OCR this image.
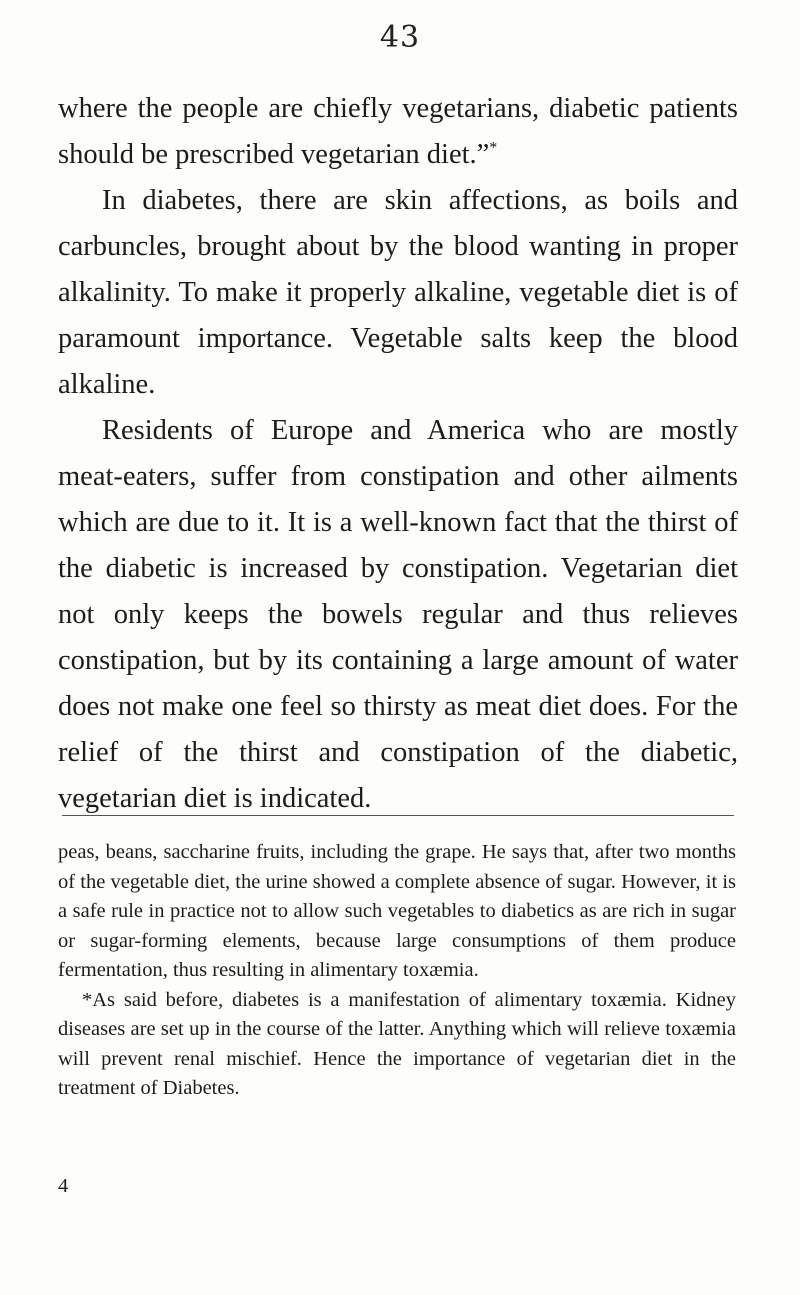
43

where the people are chiefly vegetarians, diabetic patients should be prescribed vegetarian diet.”*

In diabetes, there are skin affections, as boils and carbuncles, brought about by the blood wanting in proper alkalinity. To make it properly alkaline, vegetable diet is of paramount importance. Vegetable salts keep the blood alkaline.

Residents of Europe and America who are mostly meat-eaters, suffer from constipation and other ailments which are due to it. It is a well-known fact that the thirst of the diabetic is increased by constipation. Vegetarian diet not only keeps the bowels regular and thus relieves constipation, but by its containing a large amount of water does not make one feel so thirsty as meat diet does. For the relief of the thirst and constipation of the diabetic, vegetarian diet is indicated.

peas, beans, saccharine fruits, including the grape. He says that, after two months of the vegetable diet, the urine showed a complete absence of sugar. However, it is a safe rule in practice not to allow such vegetables to diabetics as are rich in sugar or sugar-forming elements, because large consumptions of them produce fermentation, thus resulting in alimentary toxæmia.

*As said before, diabetes is a manifestation of alimentary toxæmia. Kidney diseases are set up in the course of the latter. Anything which will relieve toxæmia will prevent renal mischief. Hence the importance of vegetarian diet in the treatment of Diabetes.

4
